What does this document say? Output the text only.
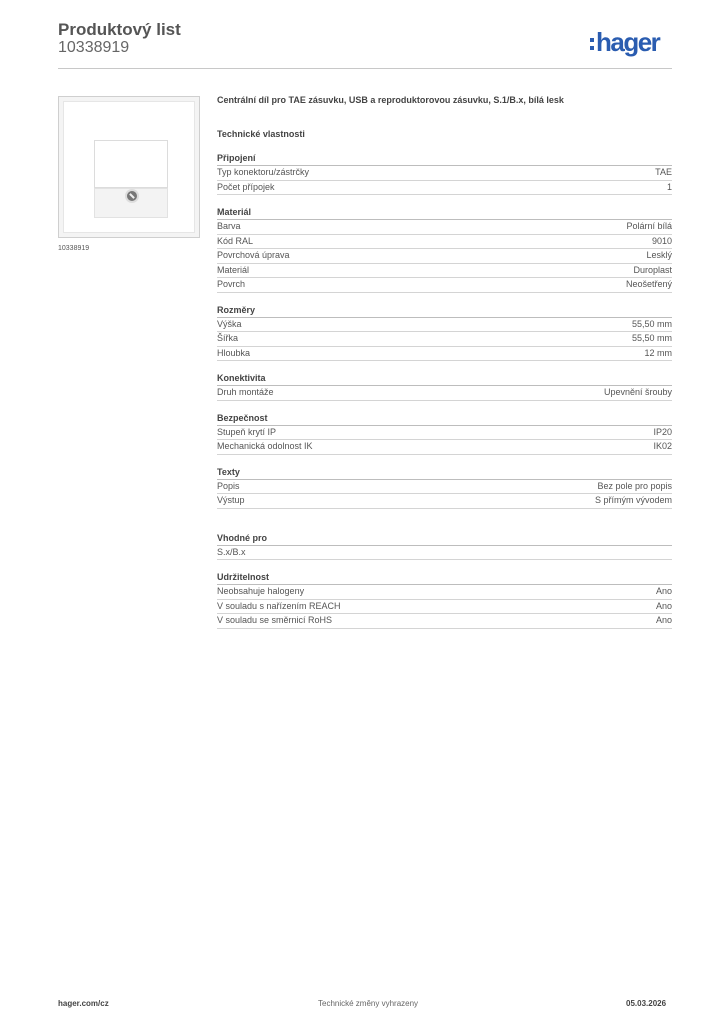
Produktový list
10338919	hager
10338919
Centrální díl pro TAE zásuvku, USB a reproduktorovou zásuvku, S.1/B.x, bílá lesk
Technické vlastnosti
Připojení
Typ konektoru/zástrčky	TAE
Počet přípojek	1
Materiál
Barva	Polární bílá
Kód RAL	9010
Povrchová úprava	Lesklý
Materiál	Duroplast
Povrch	Neošetřený
Rozměry
Výška	55,50 mm
Šířka	55,50 mm
Hloubka	12 mm
Konektivita
Druh montáže	Upevnění šrouby
Bezpečnost
Stupeň krytí IP	IP20
Mechanická odolnost IK	IK02
Texty
Popis	Bez pole pro popis
Výstup	S přímým vývodem
Vhodné pro
S.x/B.x
Udržitelnost
Neobsahuje halogeny	Ano
V souladu s nařízením REACH	Ano
V souladu se směrnicí RoHS	Ano
hager.com/cz	Technické změny vyhrazeny	05.03.2026
